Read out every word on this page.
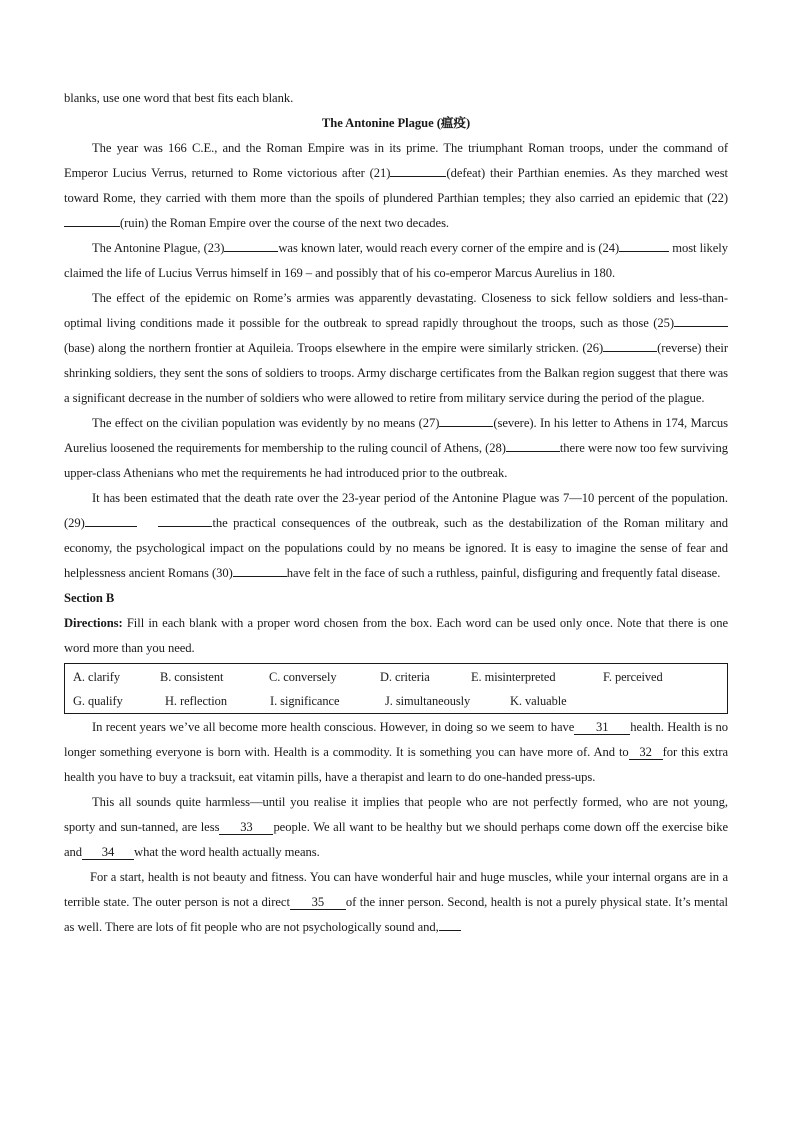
blanks, use one word that best fits each blank.

The Antonine Plague (瘟疫)

The year was 166 C.E., and the Roman Empire was in its prime. The triumphant Roman troops, under the command of Emperor Lucius Verrus, returned to Rome victorious after (21)	(defeat) their Parthian enemies. As they marched west toward Rome, they carried with them more than the spoils of plundered Parthian temples; they also carried an epidemic that (22)(ruin) the Roman Empire over the course of the next two decades.

The Antonine Plague, (23)	was known later, would reach every corner of the empire and is (24)	most likely claimed the life of Lucius Verrus himself in 169 – and possibly that of his co-emperor Marcus Aurelius in 180.

The effect of the epidemic on Rome’s armies was apparently devastating. Closeness to sick fellow soldiers and less-than-optimal living conditions made it possible for the outbreak to spread rapidly throughout the troops, such as those (25)(base) along the northern frontier at Aquileia. Troops elsewhere in the empire were similarly stricken. (26)	(reverse) their shrinking soldiers, they sent the sons of soldiers to troops. Army discharge certificates from the Balkan region suggest that there was a significant decrease in the number of soldiers who were allowed to retire from military service during the period of the plague.

The effect on the civilian population was evidently by no means (27)	(severe). In his letter to Athens in 174, Marcus Aurelius loosened the requirements for membership to the ruling council of Athens, (28)	there were now too few surviving upper-class Athenians who met the requirements he had introduced prior to the outbreak.

It has been estimated that the death rate over the 23-year period of the Antonine Plague was 7—10 percent of the population. (29)	the practical consequences of the outbreak, such as the destabilization of the Roman military and economy, the psychological impact on the populations could by no means be ignored. It is easy to imagine the sense of fear and helplessness ancient Romans (30)	have felt in the face of such a ruthless, painful, disfiguring and frequently fatal disease.

Section B

Directions: Fill in each blank with a proper word chosen from the box. Each word can be used only once. Note that there is one word more than you need.

A. clarify	B. consistent	C. conversely	D. criteria	E. misinterpreted	F. perceived
G. qualify	H. reflection	I. significance	J. simultaneously	K. valuable

In recent years we’ve all become more health conscious. However, in doing so we seem to have 31 health. Health is no longer something everyone is born with. Health is a commodity. It is something you can have more of. And to 32 for this extra health you have to buy a tracksuit, eat vitamin pills, have a therapist and learn to do one-handed press-ups.

This all sounds quite harmless—until you realise it implies that people who are not perfectly formed, who are not young, sporty and sun-tanned, are less 33 people. We all want to be healthy but we should perhaps come down off the exercise bike and 34 what the word health actually means.

For a start, health is not beauty and fitness. You can have wonderful hair and huge muscles, while your internal organs are in a terrible state. The outer person is not a direct 35 of the inner person. Second, health is not a purely physical state. It’s mental as well. There are lots of fit people who are not psychologically sound and,
